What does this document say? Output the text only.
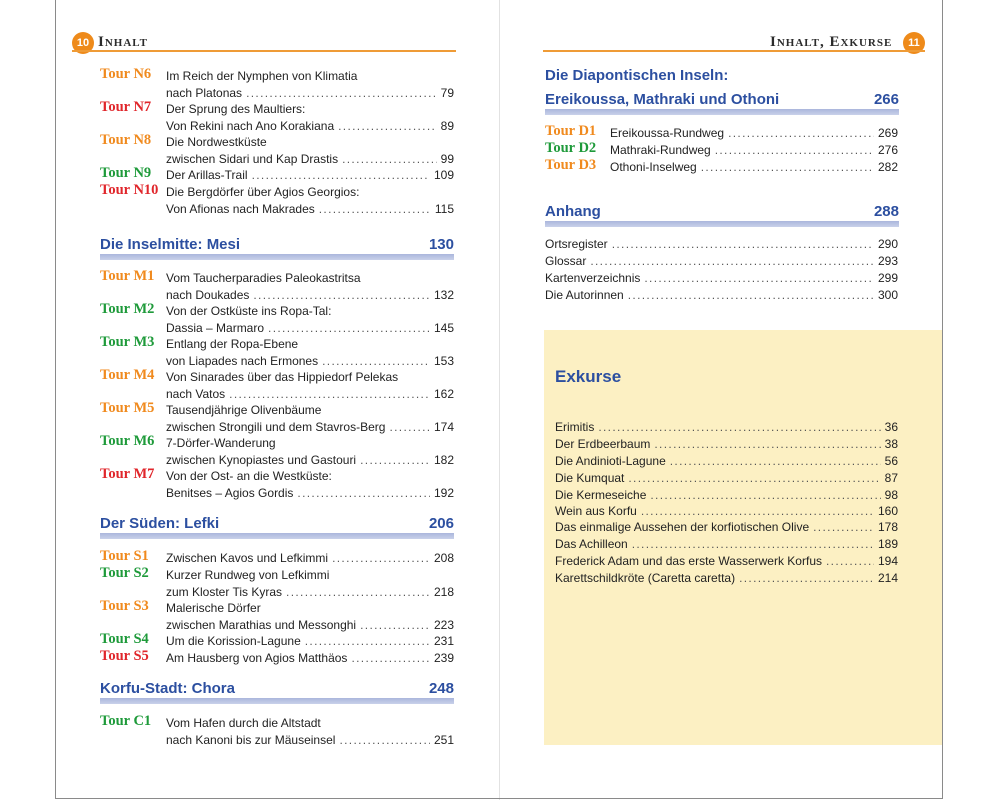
10 Inhalt	Inhalt, Exkurse	11
Tour N6 Im Reich der Nymphen von Klimatia
nach Platonas . . .	79
Tour N7 Der Sprung des Maultiers:
Von Rekini nach Ano Korakiana . . .	89
Tour N8 Die Nordwestküste
zwischen Sidari und Kap Drastis . . .	99
Tour N9 Der Arillas-Trail . . .	109
Tour N10 Die Bergdörfer über Agios Georgios:
Von Afionas nach Makrades . . .	115
Die Inselmitte: Mesi	130
Tour M1 Vom Taucherparadies Paleokastritsa
nach Doukades . . .	132
Tour M2 Von der Ostküste ins Ropa-Tal:
Dassia – Marmaro . . .	145
Tour M3 Entlang der Ropa-Ebene
von Liapades nach Ermones . . .	153
Tour M4 Von Sinarades über das Hippiedorf Pelekas
nach Vatos . . .	162
Tour M5 Tausendjährige Olivenbäume
zwischen Strongili und dem Stavros-Berg . . .	174
Tour M6 7-Dörfer-Wanderung
zwischen Kynopiastes und Gastouri . . .	182
Tour M7 Von der Ost- an die Westküste:
Benitses – Agios Gordis . . .	192
Der Süden: Lefki	206
Tour S1 Zwischen Kavos und Lefkimmi . . .	208
Tour S2 Kurzer Rundweg von Lefkimmi
zum Kloster Tis Kyras . . .	218
Tour S3 Malerische Dörfer
zwischen Marathias und Messonghi . . .	223
Tour S4 Um die Korission-Lagune . . .	231
Tour S5 Am Hausberg von Agios Matthäos . . .	239
Korfu-Stadt: Chora	248
Tour C1 Vom Hafen durch die Altstadt
nach Kanoni bis zur Mäuseinsel . . .	251
Die Diapontischen Inseln:
Ereikoussa, Mathraki und Othoni	266
Tour D1 Ereikoussa-Rundweg . . .	269
Tour D2 Mathraki-Rundweg . . .	276
Tour D3 Othoni-Inselweg . . .	282
Anhang	288
Ortsregister . . .	290
Glossar . . .	293
Kartenverzeichnis . . .	299
Die Autorinnen . . .	300
Exkurse
Erimitis . . .	36
Der Erdbeerbaum . . .	38
Die Andinioti-Lagune . . .	56
Die Kumquat . . .	87
Die Kermeseiche . . .	98
Wein aus Korfu . . .	160
Das einmalige Aussehen der korfiotischen Olive . . .	178
Das Achilleon . . .	189
Frederick Adam und das erste Wasserwerk Korfus . . .	194
Karettschildkröte (Caretta caretta) . . .	214
